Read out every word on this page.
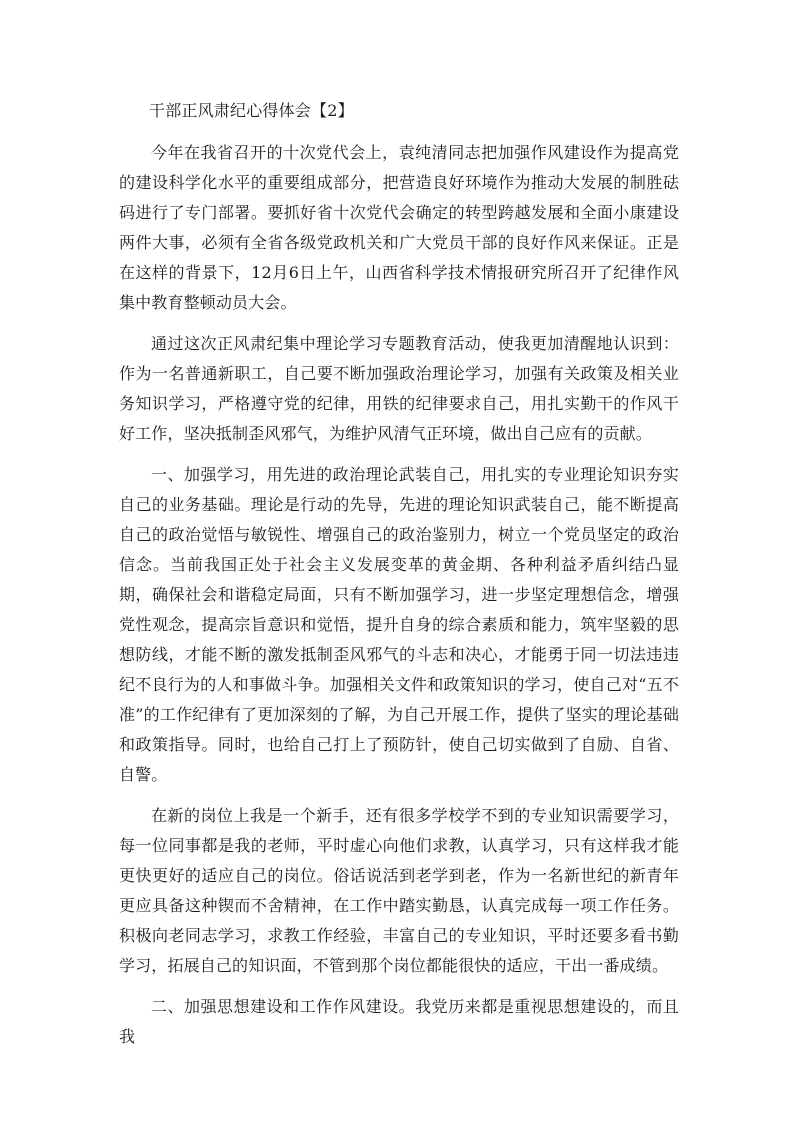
干部正风肃纪心得体会【2】

今年在我省召开的十次党代会上，袁纯清同志把加强作风建设作为提高党的建设科学化水平的重要组成部分，把营造良好环境作为推动大发展的制胜砝码进行了专门部署。要抓好省十次党代会确定的转型跨越发展和全面小康建设两件大事，必须有全省各级党政机关和广大党员干部的良好作风来保证。正是在这样的背景下，12月6日上午，山西省科学技术情报研究所召开了纪律作风集中教育整顿动员大会。

通过这次正风肃纪集中理论学习专题教育活动，使我更加清醒地认识到：作为一名普通新职工，自己要不断加强政治理论学习，加强有关政策及相关业务知识学习，严格遵守党的纪律，用铁的纪律要求自己，用扎实勤干的作风干好工作，坚决抵制歪风邪气，为维护风清气正环境，做出自己应有的贡献。

一、加强学习，用先进的政治理论武装自己，用扎实的专业理论知识夯实自己的业务基础。理论是行动的先导，先进的理论知识武装自己，能不断提高自己的政治觉悟与敏锐性、增强自己的政治鉴别力，树立一个党员坚定的政治信念。当前我国正处于社会主义发展变革的黄金期、各种利益矛盾纠结凸显期，确保社会和谐稳定局面，只有不断加强学习，进一步坚定理想信念，增强党性观念，提高宗旨意识和觉悟，提升自身的综合素质和能力，筑牢坚毅的思想防线，才能不断的激发抵制歪风邪气的斗志和决心，才能勇于同一切法违违纪不良行为的人和事做斗争。加强相关文件和政策知识的学习，使自己对“五不准”的工作纪律有了更加深刻的了解，为自己开展工作，提供了坚实的理论基础和政策指导。同时，也给自己打上了预防针，使自己切实做到了自励、自省、自警。

在新的岗位上我是一个新手，还有很多学校学不到的专业知识需要学习，每一位同事都是我的老师，平时虚心向他们求教，认真学习，只有这样我才能更快更好的适应自己的岗位。俗话说活到老学到老，作为一名新世纪的新青年更应具备这种锲而不舍精神，在工作中踏实勤恳，认真完成每一项工作任务。积极向老同志学习，求教工作经验，丰富自己的专业知识，平时还要多看书勤学习，拓展自己的知识面，不管到那个岗位都能很快的适应，干出一番成绩。

二、加强思想建设和工作作风建设。我党历来都是重视思想建设的，而且我
